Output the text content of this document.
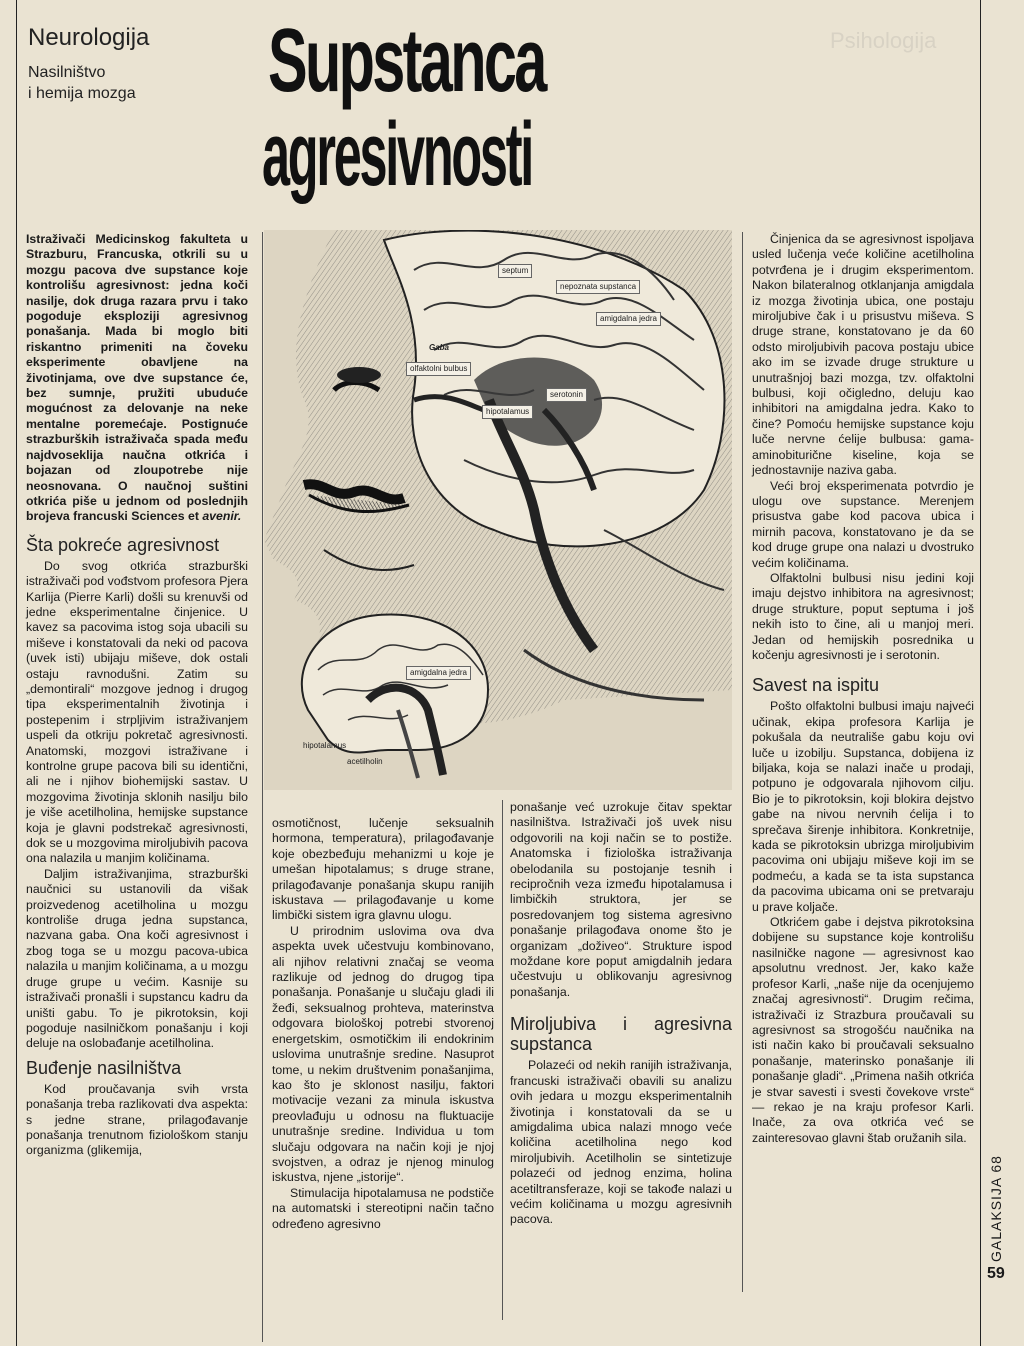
Psihologija
Neurologija
Nasilništvo
i hemija mozga Supstanca
agresivnosti
septum
nepoznata supstanca
Gaba
amigdalna jedra
olfaktolni bulbus
serotonin
hipotalamus
amigdalna jedra
hipotalamus
acetilholin

Istraživači Medicinskog fakulteta u Strazburu, Francuska, otkrili su u mozgu pacova dve supstance koje kontrolišu agresivnost: jedna koči nasilje, dok druga razara prvu i tako pogoduje eksploziji agresivnog ponašanja. Mada bi moglo biti riskantno primeniti na čoveku eksperimente obavljene na životinjama, ove dve supstance će, bez sumnje, pružiti ubuduće mogućnost za delovanje na neke mentalne poremećaje. Postignuće strazburških istraživača spada među najdvoseklija naučna otkrića i bojazan od zloupotrebe nije neosnovana. O naučnoj suštini otkrića piše u jednom od poslednjih brojeva francuski Sciences et avenir.

Šta pokreće agresivnost

Do svog otkrića strazburški istraživači pod vođstvom profesora Pjera Karlija (Pierre Karli) došli su krenuvši od jedne eksperimentalne činjenice. U kavez sa pacovima istog soja ubacili su miševe i konstatovali da neki od pacova (uvek isti) ubijaju miševe, dok ostali ostaju ravnodušni. Zatim su „demontirali“ mozgove jednog i drugog tipa eksperimentalnih životinja i postepenim i strpljivim istraživanjem uspeli da otkriju pokretač agresivnosti. Anatomski, mozgovi istraživane i kontrolne grupe pacova bili su identični, ali ne i njihov biohemijski sastav. U mozgovima životinja sklonih nasilju bilo je više acetilholina, hemijske supstance koja je glavni podstrekač agresivnosti, dok se u mozgovima miroljubivih pacova ona nalazila u manjim količinama.

Daljim istraživanjima, strazburški naučnici su ustanovili da višak proizvedenog acetilholina u mozgu kontroliše druga jedna supstanca, nazvana gaba. Ona koči agresivnost i zbog toga se u mozgu pacova-ubica nalazila u manjim količinama, a u mozgu druge grupe u većim. Kasnije su istraživači pronašli i supstancu kadru da uništi gabu. To je pikrotoksin, koji pogoduje nasilničkom ponašanju i koji deluje na oslobađanje acetilholina.

Buđenje nasilništva

Kod proučavanja svih vrsta ponašanja treba razlikovati dva aspekta: s jedne strane, prilagođavanje ponašanja trenutnom fiziološkom stanju organizma (glikemija,

osmotičnost, lučenje seksualnih hormona, temperatura), prilagođavanje koje obezbeđuju mehanizmi u koje je umešan hipotalamus; s druge strane, prilagođavanje ponašanja skupu ranijih iskustava — prilagođavanje u kome limbički sistem igra glavnu ulogu.

U prirodnim uslovima ova dva aspekta uvek učestvuju kombinovano, ali njihov relativni značaj se veoma razlikuje od jednog do drugog tipa ponašanja. Ponašanje u slučaju gladi ili žeđi, seksualnog prohteva, materinstva odgovara biološkoj potrebi stvorenoj energetskim, osmotičkim ili endokrinim uslovima unutrašnje sredine. Nasuprot tome, u nekim društvenim ponašanjima, kao što je sklonost nasilju, faktori motivacije vezani za minula iskustva preovlađuju u odnosu na fluktuacije unutrašnje sredine. Individua u tom slučaju odgovara na način koji je njoj svojstven, a odraz je njenog minulog iskustva, njene „istorije“.

Stimulacija hipotalamusa ne podstiče na automatski i stereotipni način tačno određeno agresivno

ponašanje već uzrokuje čitav spektar nasilništva. Istraživači još uvek nisu odgovorili na koji način se to postiže. Anatomska i fiziološka istraživanja obelodanila su postojanje tesnih i recipročnih veza između hipotalamusa i limbičkih struktora, jer se posredovanjem tog sistema agresivno ponašanje prilagođava onome što je organizam „doživeo“. Strukture ispod moždane kore poput amigdalnih jedara učestvuju u oblikovanju agresivnog ponašanja.

Miroljubiva i agresivna supstanca

Polazeći od nekih ranijih istraživanja, francuski istraživači obavili su analizu ovih jedara u mozgu eksperimentalnih životinja i konstatovali da se u amigdalima ubica nalazi mnogo veće količina acetilholina nego kod miroljubivih. Acetilholin se sintetizuje polazeći od jednog enzima, holina acetiltransferaze, koji se takođe nalazi u većim količinama u mozgu agresivnih pacova.

Činjenica da se agresivnost ispoljava usled lučenja veće količine acetilholina potvrđena je i drugim eksperimentom. Nakon bilateralnog otklanjanja amigdala iz mozga životinja ubica, one postaju miroljubive čak i u prisustvu miševa. S druge strane, konstatovano je da 60 odsto miroljubivih pacova postaju ubice ako im se izvade druge strukture u unutrašnjoj bazi mozga, tzv. olfaktolni bulbusi, koji očigledno, deluju kao inhibitori na amigdalna jedra. Kako to čine? Pomoću hemijske supstance koju luče nervne ćelije bulbusa: gama-aminobiturične kiseline, koja se jednostavnije naziva gaba.

Veći broj eksperimenata potvrdio je ulogu ove supstance. Merenjem prisustva gabe kod pacova ubica i mirnih pacova, konstatovano je da se kod druge grupe ona nalazi u dvostruko većim količinama.

Olfaktolni bulbusi nisu jedini koji imaju dejstvo inhibitora na agresivnost; druge strukture, poput septuma i još nekih isto to čine, ali u manjoj meri. Jedan od hemijskih posrednika u kočenju agresivnosti je i serotonin.

Savest na ispitu

Pošto olfaktolni bulbusi imaju najveći učinak, ekipa profesora Karlija je pokušala da neutrališe gabu koju ovi luče u izobilju. Supstanca, dobijena iz biljaka, koja se nalazi inače u prodaji, potpuno je odgovarala njihovom cilju. Bio je to pikrotoksin, koji blokira dejstvo gabe na nivou nervnih ćelija i to sprečava širenje inhibitora. Konkretnije, kada se pikrotoksin ubrizga miroljubivim pacovima oni ubijaju miševe koji im se podmeću, a kada se ta ista supstanca da pacovima ubicama oni se pretvaraju u prave koljače.

Otkrićem gabe i dejstva pikrotoksina dobijene su supstance koje kontrolišu nasilničke nagone — agresivnost kao apsolutnu vrednost. Jer, kako kaže profesor Karli, „naše nije da ocenjujemo značaj agresivnosti“. Drugim rečima, istraživači iz Strazbura proučavali su agresivnost sa strogošću naučnika na isti način kako bi proučavali seksualno ponašanje, materinsko ponašanje ili ponašanje gladi“. „Primena naših otkrića je stvar savesti i svesti čovekove vrste“ — rekao je na kraju profesor Karli. Inače, za ova otkrića već se zainteresovao glavni štab oružanih sila.

GALAKSIJA 68
59
